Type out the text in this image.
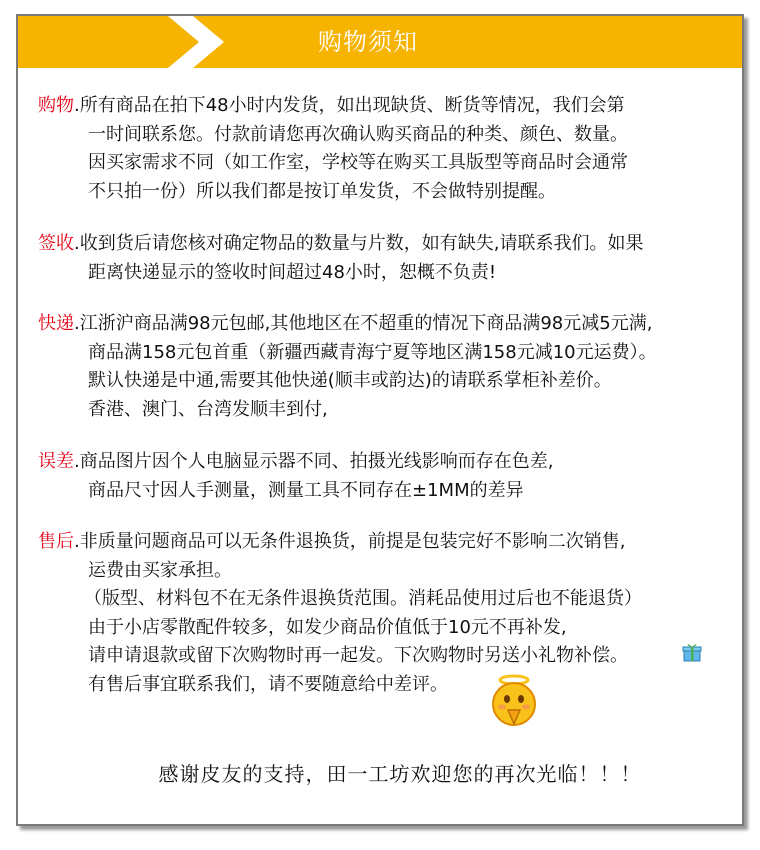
购物须知
购物.所有商品在拍下48小时内发货，如出现缺货、断货等情况，我们会第
一时间联系您。付款前请您再次确认购买商品的种类、颜色、数量。
因买家需求不同（如工作室，学校等在购买工具版型等商品时会通常
不只拍一份）所以我们都是按订单发货，不会做特别提醒。
签收.收到货后请您核对确定物品的数量与片数，如有缺失,请联系我们。如果
距离快递显示的签收时间超过48小时，恕概不负责!
快递.江浙沪商品满98元包邮,其他地区在不超重的情况下商品满98元减5元满,
商品满158元包首重（新疆西藏青海宁夏等地区满158元减10元运费）。
默认快递是中通,需要其他快递(顺丰或韵达)的请联系掌柜补差价。
香港、澳门、台湾发顺丰到付,
误差.商品图片因个人电脑显示器不同、拍摄光线影响而存在色差,
商品尺寸因人手测量，测量工具不同存在±1MM的差异
售后.非质量问题商品可以无条件退换货，前提是包装完好不影响二次销售,
运费由买家承担。
（版型、材料包不在无条件退换货范围。消耗品使用过后也不能退货）
由于小店零散配件较多，如发少商品价值低于10元不再补发,
请申请退款或留下次购物时再一起发。下次购物时另送小礼物补偿。
有售后事宜联系我们，请不要随意给中差评。
感谢皮友的支持，田一工坊欢迎您的再次光临！！！
